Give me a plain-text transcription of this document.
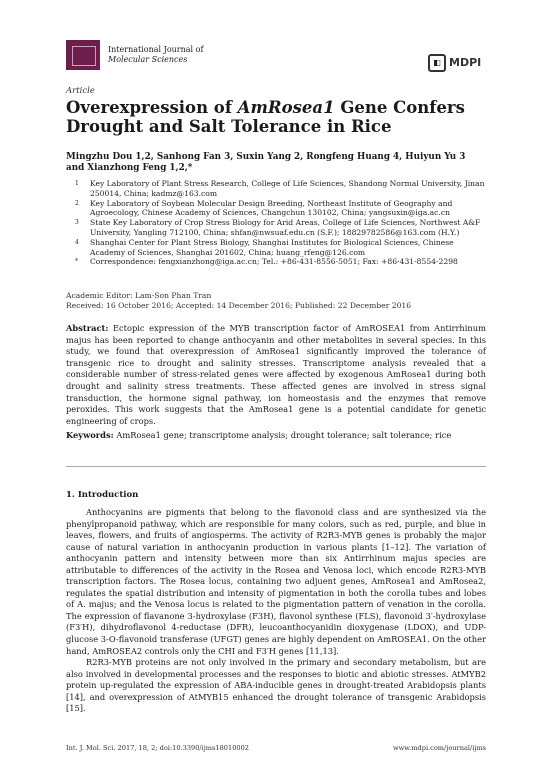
International Journal of
Molecular Sciences	◧ MDPI
Article
Overexpression of AmRosea1 Gene Confers Drought and Salt Tolerance in Rice
Mingzhu Dou 1,2, Sanhong Fan 3, Suxin Yang 2, Rongfeng Huang 4, Huiyun Yu 3 and Xianzhong Feng 1,2,*
1 Key Laboratory of Plant Stress Research, College of Life Sciences, Shandong Normal University, Jinan 250014, China; kadmz@163.com
2 Key Laboratory of Soybean Molecular Design Breeding, Northeast Institute of Geography and Agroecology, Chinese Academy of Sciences, Changchun 130102, China; yangsuxin@iga.ac.cn
3 State Key Laboratory of Crop Stress Biology for Arid Areas, College of Life Sciences, Northwest A&F University, Yangling 712100, China; shfan@nwsuaf.edu.cn (S.F.); 18829782586@163.com (H.Y.)
4 Shanghai Center for Plant Stress Biology, Shanghai Institutes for Biological Sciences, Chinese Academy of Sciences, Shanghai 201602, China; huang_rfeng@126.com
* Correspondence: fengxianzhong@iga.ac.cn; Tel.: +86-431-8556-5051; Fax: +86-431-8554-2298
Academic Editor: Lam-Son Phan Tran
Received: 16 October 2016; Accepted: 14 December 2016; Published: 22 December 2016
Abstract: Ectopic expression of the MYB transcription factor of AmROSEA1 from Antirrhinum majus has been reported to change anthocyanin and other metabolites in several species. In this study, we found that overexpression of AmRosea1 significantly improved the tolerance of transgenic rice to drought and salinity stresses. Transcriptome analysis revealed that a considerable number of stress-related genes were affected by exogenous AmRosea1 during both drought and salinity stress treatments. These affected genes are involved in stress signal transduction, the hormone signal pathway, ion homeostasis and the enzymes that remove peroxides. This work suggests that the AmRosea1 gene is a potential candidate for genetic engineering of crops.
Keywords: AmRosea1 gene; transcriptome analysis; drought tolerance; salt tolerance; rice
1. Introduction

Anthocyanins are pigments that belong to the flavonoid class and are synthesized via the phenylpropanoid pathway, which are responsible for many colors, such as red, purple, and blue in leaves, flowers, and fruits of angiosperms. The activity of R2R3-MYB genes is probably the major cause of natural variation in anthocyanin production in various plants [1–12]. The variation of anthocyanin pattern and intensity between more than six Antirrhinum majus species are attributable to differences of the activity in the Rosea and Venosa loci, which encode R2R3-MYB transcription factors. The Rosea locus, containing two adjuent genes, AmRosea1 and AmRosea2, regulates the spatial distribution and intensity of pigmentation in both the corolla tubes and lobes of A. majus; and the Venosa locus is related to the pigmentation pattern of venation in the corolla. The expression of flavanone 3-hydroxylase (F3H), flavonol synthese (FLS), flavonoid 3′-hydroxylase (F3′H), dihydroflavonol 4-reductase (DFR), leucoanthocyanidin dioxygenase (LDOX), and UDP-glucose 3-O-flavonoid transferase (UFGT) genes are highly dependent on AmROSEA1. On the other hand, AmROSEA2 controls only the CHI and F3′H genes [11,13].

R2R3-MYB proteins are not only involved in the primary and secondary metabolism, but are also involved in developmental processes and the responses to biotic and abiotic stresses. AtMYB2 protein up-regulated the expression of ABA-inducible genes in drought-treated Arabidopsis plants [14], and overexpression of AtMYB15 enhanced the drought tolerance of transgenic Arabidopsis [15].

Int. J. Mol. Sci. 2017, 18, 2; doi:10.3390/ijms18010002	www.mdpi.com/journal/ijms
